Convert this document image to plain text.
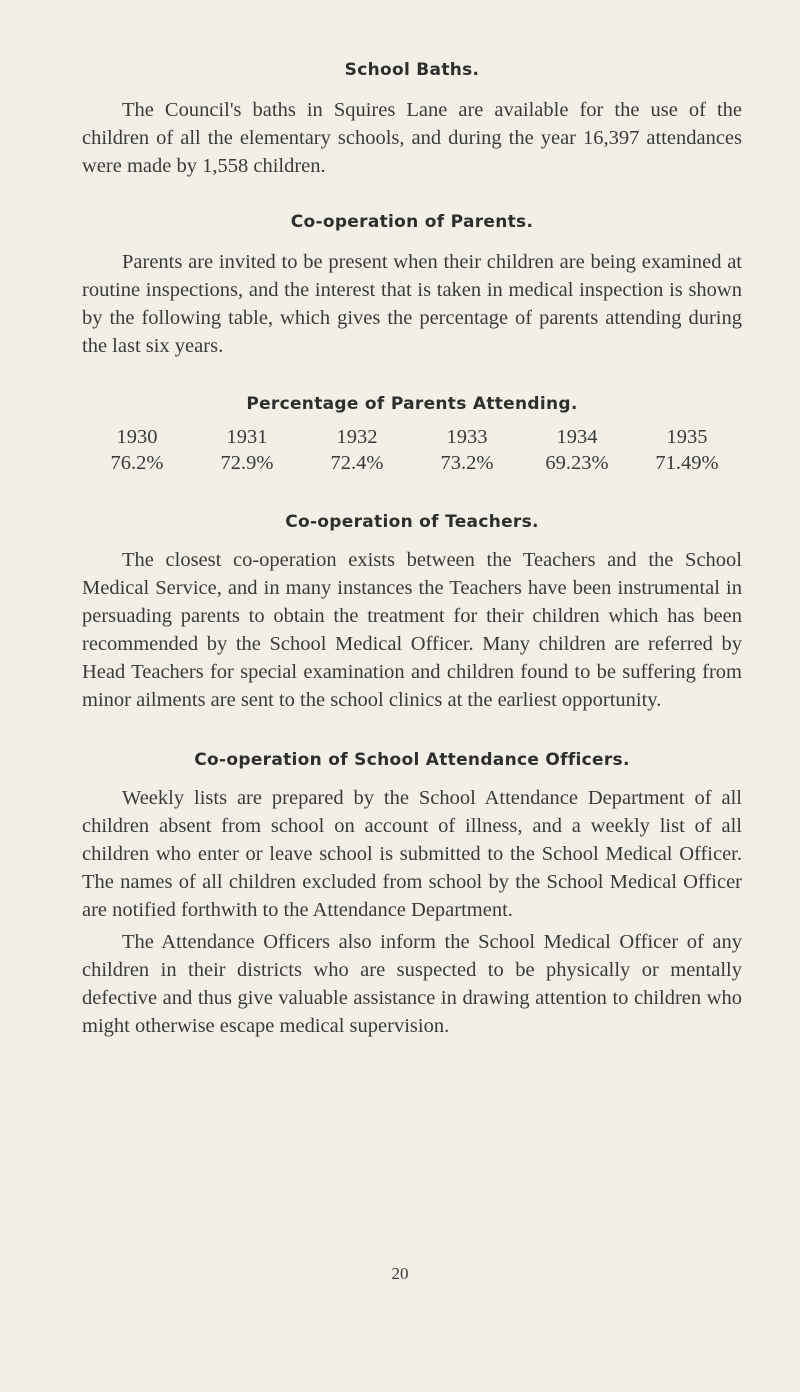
School Baths.

The Council's baths in Squires Lane are available for the use of the children of all the elementary schools, and during the year 16,397 attendances were made by 1,558 children.

Co-operation of Parents.

Parents are invited to be present when their children are being examined at routine inspections, and the interest that is taken in medical inspection is shown by the following table, which gives the percentage of parents attending during the last six years.

Percentage of Parents Attending.
1930
76.2%
1931
72.9%
1932
72.4%
1933
73.2%
1934
69.23%
1935
71.49%
Co-operation of Teachers.

The closest co-operation exists between the Teachers and the School Medical Service, and in many instances the Teachers have been instrumental in persuading parents to obtain the treatment for their children which has been recommended by the School Medical Officer. Many children are referred by Head Teachers for special examination and children found to be suffering from minor ailments are sent to the school clinics at the earliest opportunity.

Co-operation of School Attendance Officers.

Weekly lists are prepared by the School Attendance Department of all children absent from school on account of illness, and a weekly list of all children who enter or leave school is submitted to the School Medical Officer. The names of all children excluded from school by the School Medical Officer are notified forthwith to the Attendance Department.

The Attendance Officers also inform the School Medical Officer of any children in their districts who are suspected to be physically or mentally defective and thus give valuable assistance in drawing attention to children who might otherwise escape medical supervision.

20
